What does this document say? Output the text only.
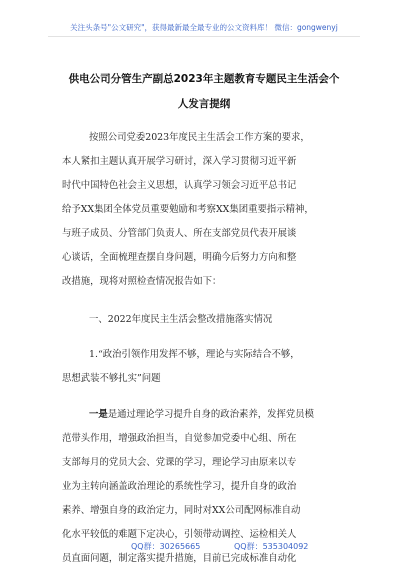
关注头条号"公文研究"，获得最新最全最专业的公文资料库！ 微信：gongwenyj
供电公司分管生产副总2023年主题教育专题民主生活会个
人发言提纲
按照公司党委2023年度民主生活会工作方案的要求，
本人紧扣主题认真开展学习研讨，深入学习贯彻习近平新
时代中国特色社会主义思想，认真学习领会习近平总书记
给予XX集团全体党员重要勉励和考察XX集团重要指示精神，
与班子成员、分管部门负责人、所在支部党员代表开展谈
心谈话，全面梳理查摆自身问题，明确今后努力方向和整
改措施，现将对照检查情况报告如下：
一、2022年度民主生活会整改措施落实情况
1.“政治引领作用发挥不够，理论与实际结合不够，
思想武装不够扎实”问题
一是是通过理论学习提升自身的政治素养，发挥党员模
范带头作用，增强政治担当，自觉参加党委中心组、所在
支部每月的党员大会、党课的学习，理论学习由原来以专
业为主转向涵盖政治理论的系统性学习，提升自身的政治
素养、增强自身的政治定力，同时对XX公司配网标准自动
化水平较低的难题下定决心，引领带动调控、运检相关人
员直面问题，制定落实提升措施，目前已完成标准自动化
QQ群：30265665	QQ群：535304092
